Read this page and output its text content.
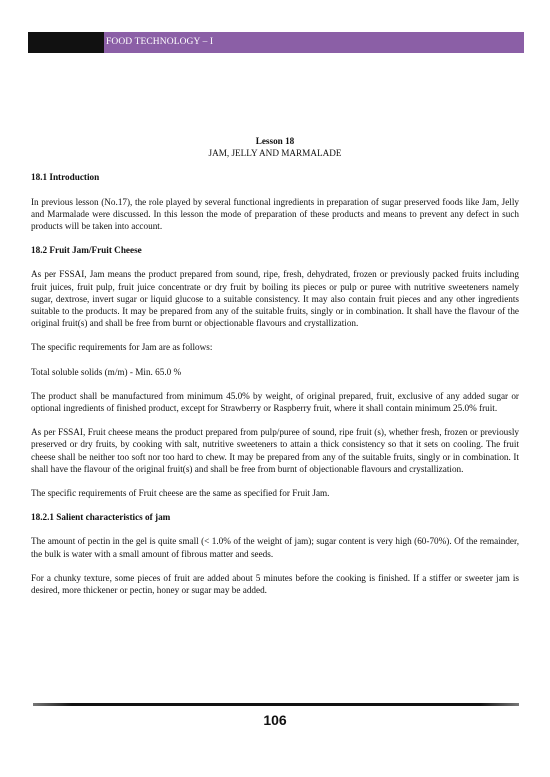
FOOD TECHNOLOGY – I
Lesson 18
JAM, JELLY AND MARMALADE
18.1 Introduction

In previous lesson (No.17), the role played by several functional ingredients in preparation of sugar preserved foods like Jam, Jelly and Marmalade were discussed. In this lesson the mode of preparation of these products and means to prevent any defect in such products will be taken into account.

18.2 Fruit Jam/Fruit Cheese

As per FSSAI, Jam means the product prepared from sound, ripe, fresh, dehydrated, frozen or previously packed fruits including fruit juices, fruit pulp, fruit juice concentrate or dry fruit by boiling its pieces or pulp or puree with nutritive sweeteners namely sugar, dextrose, invert sugar or liquid glucose to a suitable consistency. It may also contain fruit pieces and any other ingredients suitable to the products. It may be prepared from any of the suitable fruits, singly or in combination. It shall have the flavour of the original fruit(s) and shall be free from burnt or objectionable flavours and crystallization.

The specific requirements for Jam are as follows:

Total soluble solids (m/m) - Min. 65.0 %

The product shall be manufactured from minimum 45.0% by weight, of original prepared, fruit, exclusive of any added sugar or optional ingredients of finished product, except for Strawberry or Raspberry fruit, where it shall contain minimum 25.0% fruit.

As per FSSAI, Fruit cheese means the product prepared from pulp/puree of sound, ripe fruit (s), whether fresh, frozen or previously preserved or dry fruits, by cooking with salt, nutritive sweeteners to attain a thick consistency so that it sets on cooling. The fruit cheese shall be neither too soft nor too hard to chew. It may be prepared from any of the suitable fruits, singly or in combination. It shall have the flavour of the original fruit(s) and shall be free from burnt of objectionable flavours and crystallization.

The specific requirements of Fruit cheese are the same as specified for Fruit Jam.

18.2.1 Salient characteristics of jam

The amount of pectin in the gel is quite small (< 1.0% of the weight of jam); sugar content is very high (60-70%). Of the remainder, the bulk is water with a small amount of fibrous matter and seeds.

For a chunky texture, some pieces of fruit are added about 5 minutes before the cooking is finished. If a stiffer or sweeter jam is desired, more thickener or pectin, honey or sugar may be added.

106
